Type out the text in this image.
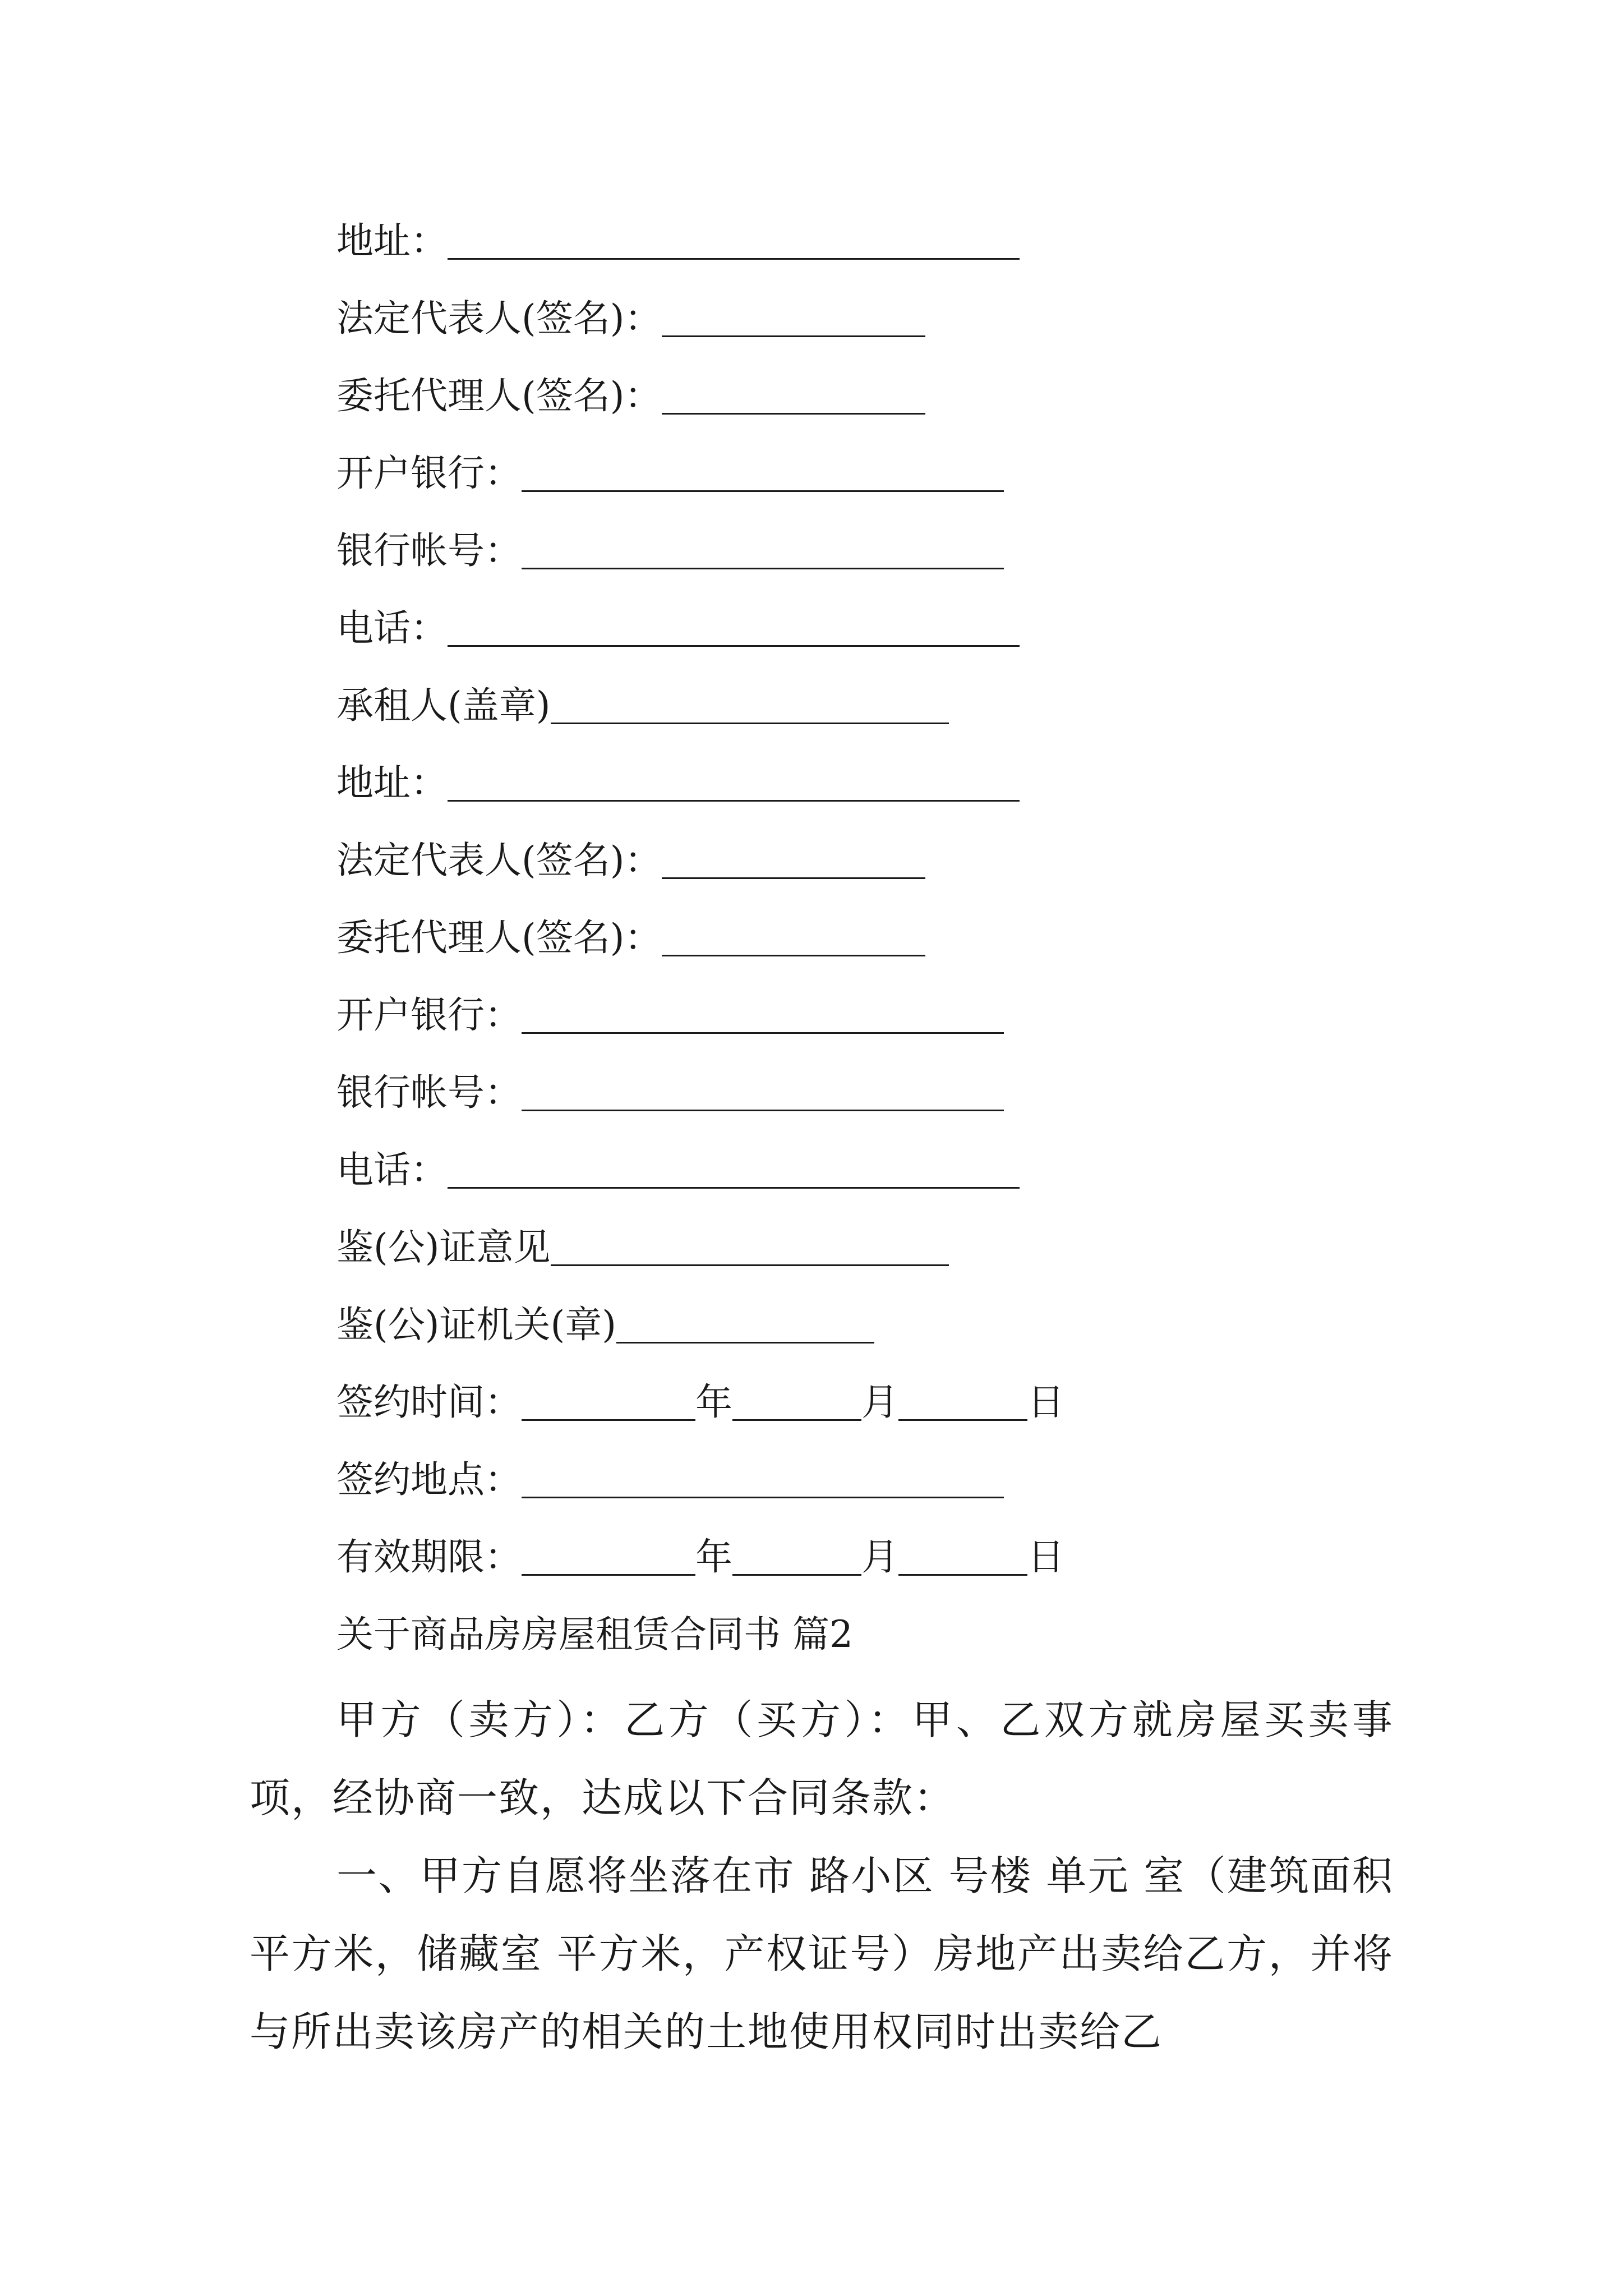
地址：
法定代表人(签名)：
委托代理人(签名)：
开户银行：
银行帐号：
电话：
承租人(盖章)
地址：
法定代表人(签名)：
委托代理人(签名)：
开户银行：
银行帐号：
电话：
鉴(公)证意见
鉴(公)证机关(章)
签约时间：	年	月	日
签约地点：
有效期限：	年	月	日
关于商品房房屋租赁合同书 篇2
甲方（卖方）：乙方（买方）：甲、乙双方就房屋买卖事项，经协商一致，达成以下合同条款：
一、甲方自愿将坐落在市 路小区 号楼 单元 室（建筑面积平方米，储藏室 平方米，产权证号）房地产出卖给乙方，并将与所出卖该房产的相关的土地使用权同时出卖给乙
